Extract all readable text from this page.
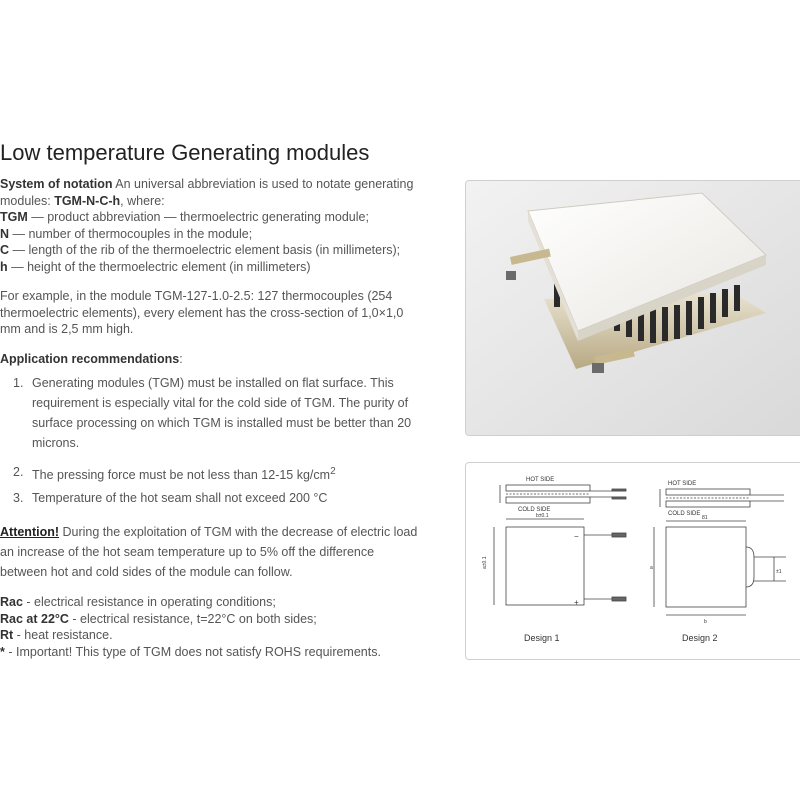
Low temperature Generating modules
System of notation An universal abbreviation is used to notate generating
modules: TGM-N-C-h, where:
TGM — product abbreviation — thermoelectric generating module;
N — number of thermocouples in the module;
C — length of the rib of the thermoelectric element basis (in millimeters);
h — height of the thermoelectric element (in millimeters)
For example, in the module TGM-127-1.0-2.5: 127 thermocouples (254
thermoelectric elements), every element has the cross-section of 1,0×1,0
mm and is 2,5 mm high.
Application recommendations:
1. Generating modules (TGM) must be installed on flat surface. This
requirement is especially vital for the cold side of TGM. The purity of
surface processing on which TGM is installed must be better than 20
microns.
2. The pressing force must be not less than 12-15 $kg/cm^2$
3. Temperature of the hot seam shall not exceed 200 °C
Attention! During the exploitation of TGM with the decrease of electric load
an increase of the hot seam temperature up to 5% off the difference
between hot and cold sides of the module can follow.
Rac - electrical resistance in operating conditions;
Rac at 22°C - electrical resistance, t=22°C on both sides;
Rt - heat resistance.
* - Important! This type of TGM does not satisfy ROHS requirements.
HOT SIDE
COLD SIDE
b±0.1
a±0.1
−
+
Design 1
HOT SIDE
COLD SIDE
81
a
±1
b
Design 2
